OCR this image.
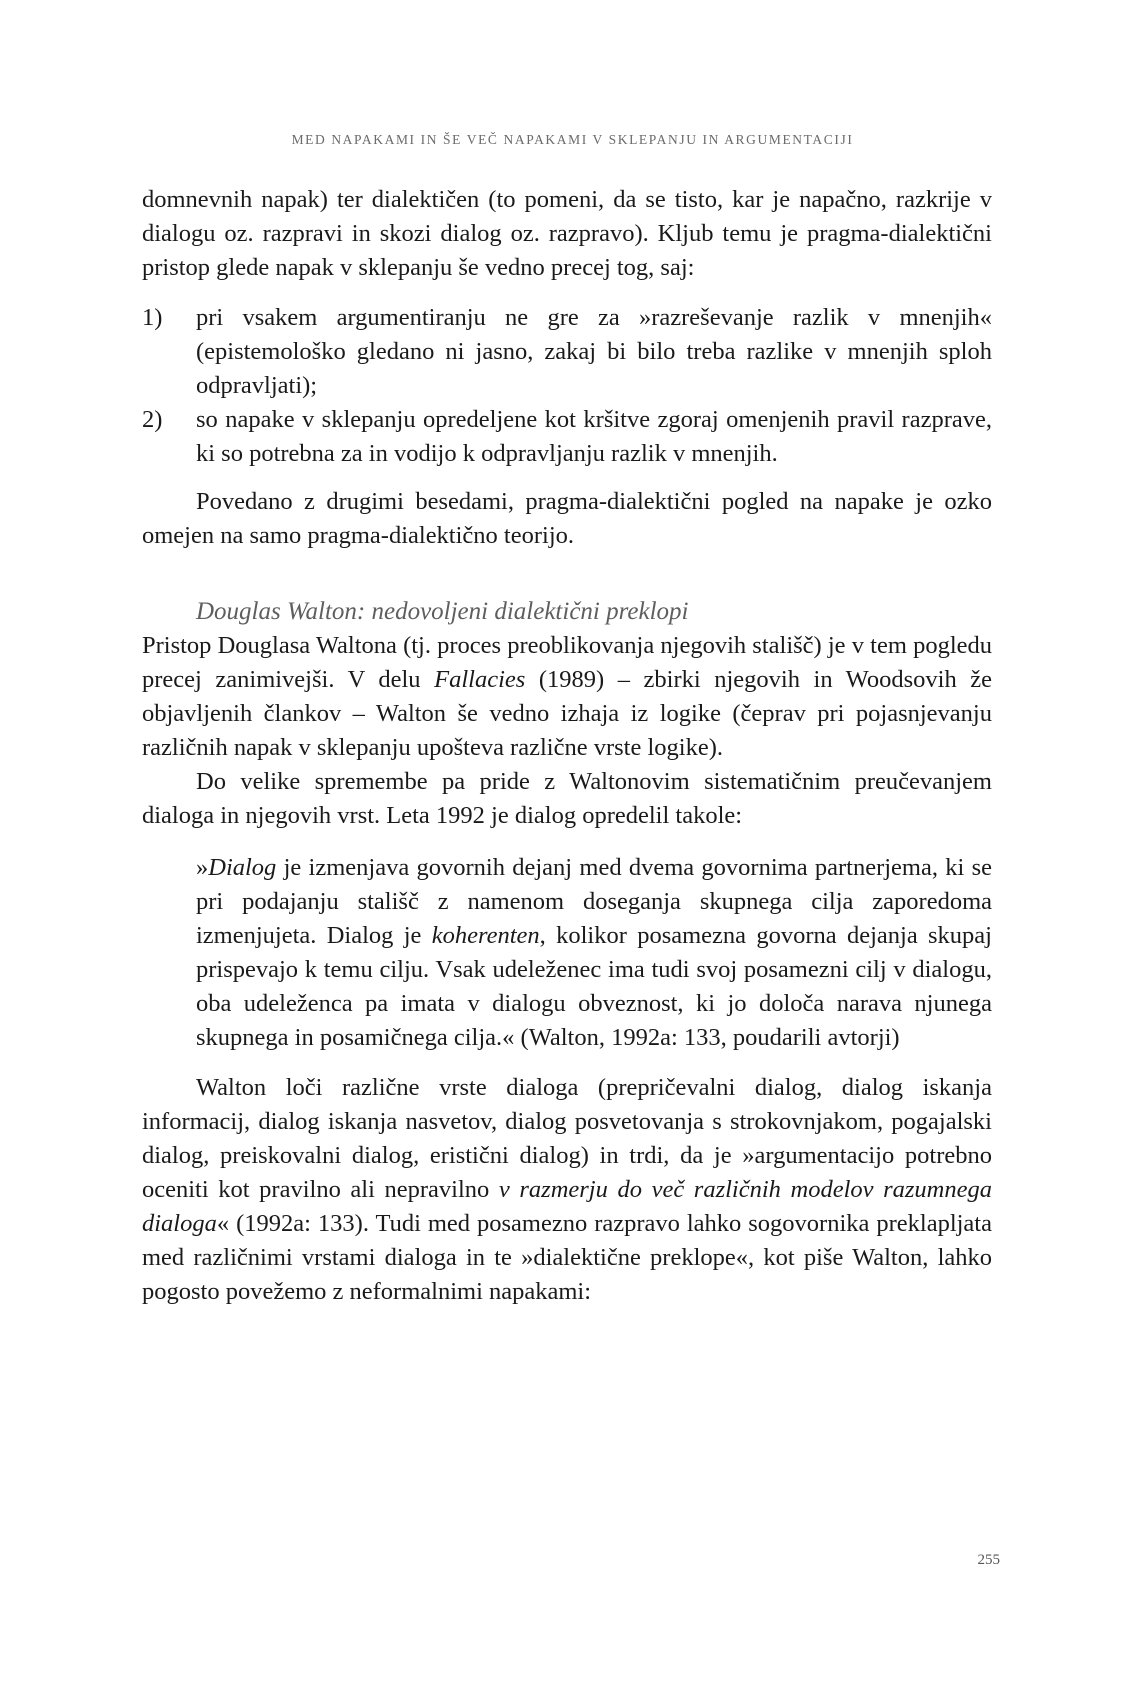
MED NAPAKAMI IN ŠE VEČ NAPAKAMI V SKLEPANJU IN ARGUMENTACIJI

domnevnih napak) ter dialektičen (to pomeni, da se tisto, kar je napačno, razkrije v dialogu oz. razpravi in skozi dialog oz. razpravo). Kljub temu je pragma-dialektični pristop glede napak v sklepanju še vedno precej tog, saj:

1) pri vsakem argumentiranju ne gre za »razreševanje razlik v mnenjih« (epistemološko gledano ni jasno, zakaj bi bilo treba razlike v mnenjih sploh odpravljati);
2) so napake v sklepanju opredeljene kot kršitve zgoraj omenjenih pravil razprave, ki so potrebna za in vodijo k odpravljanju razlik v mnenjih.

Povedano z drugimi besedami, pragma-dialektični pogled na napake je ozko omejen na samo pragma-dialektično teorijo.

Douglas Walton: nedovoljeni dialektični preklopi

Pristop Douglasa Waltona (tj. proces preoblikovanja njegovih stališč) je v tem pogledu precej zanimivejši. V delu Fallacies (1989) – zbirki njegovih in Woodsovih že objavljenih člankov – Walton še vedno izhaja iz logike (čeprav pri pojasnjevanju različnih napak v sklepanju upošteva različne vrste logike).

Do velike spremembe pa pride z Waltonovim sistematičnim preučevanjem dialoga in njegovih vrst. Leta 1992 je dialog opredelil takole:

»Dialog je izmenjava govornih dejanj med dvema govornima partnerjema, ki se pri podajanju stališč z namenom doseganja skupnega cilja zaporedoma izmenjujeta. Dialog je koherenten, kolikor posamezna govorna dejanja skupaj prispevajo k temu cilju. Vsak udeleženec ima tudi svoj posamezni cilj v dialogu, oba udeleženca pa imata v dialogu obveznost, ki jo določa narava njunega skupnega in posamičnega cilja.« (Walton, 1992a: 133, poudarili avtorji)

Walton loči različne vrste dialoga (prepričevalni dialog, dialog iskanja informacij, dialog iskanja nasvetov, dialog posvetovanja s strokovnjakom, pogajalski dialog, preiskovalni dialog, eristični dialog) in trdi, da je »argumentacijo potrebno oceniti kot pravilno ali nepravilno v razmerju do več različnih modelov razumnega dialoga« (1992a: 133). Tudi med posamezno razpravo lahko sogovornika preklapljata med različnimi vrstami dialoga in te »dialektične preklope«, kot piše Walton, lahko pogosto povežemo z neformalnimi napakami:

255
